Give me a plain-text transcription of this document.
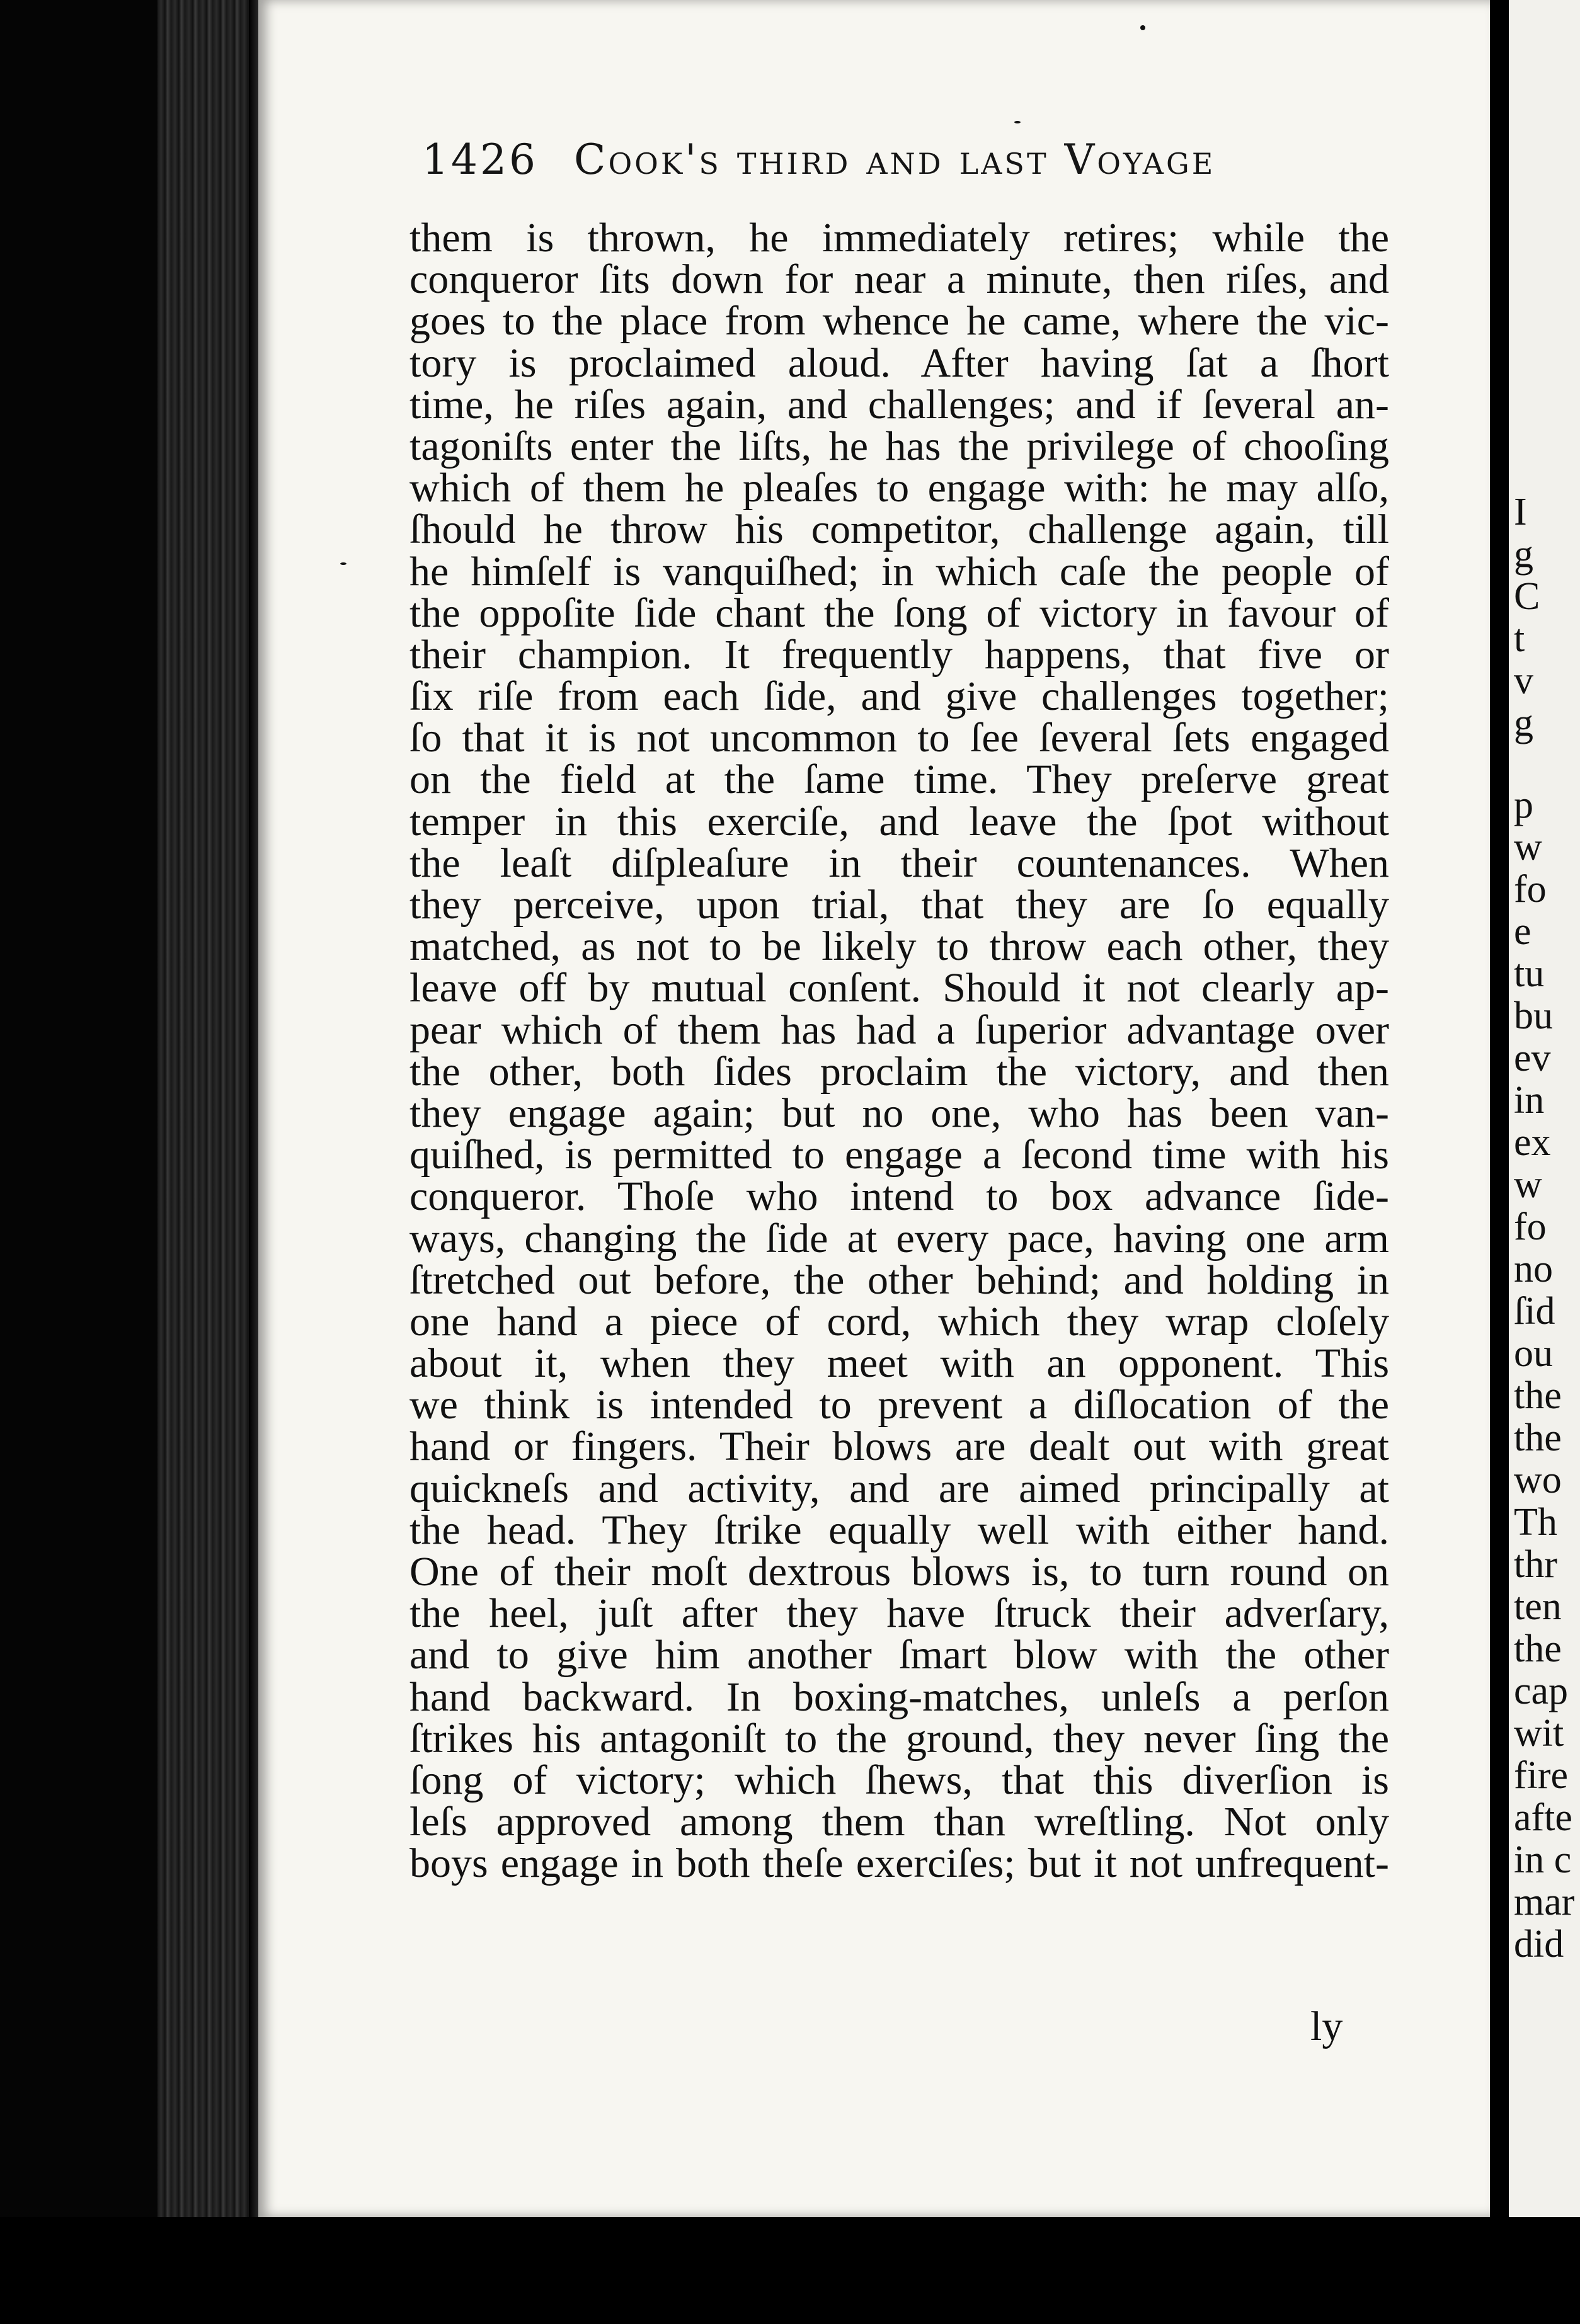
1426 Cook's third and last Voyage
them is thrown, he immediately retires; while the
conqueror ſits down for near a minute, then riſes, and
goes to the place from whence he came, where the vic-
tory is proclaimed aloud. After having ſat a ſhort
time, he riſes again, and challenges; and if ſeveral an-
tagoniſts enter the liſts, he has the privilege of chooſing
which of them he pleaſes to engage with: he may alſo,
ſhould he throw his competitor, challenge again, till
he himſelf is vanquiſhed; in which caſe the people of
the oppoſite ſide chant the ſong of victory in favour of
their champion. It frequently happens, that five or
ſix riſe from each ſide, and give challenges together;
ſo that it is not uncommon to ſee ſeveral ſets engaged
on the field at the ſame time. They preſerve great
temper in this exerciſe, and leave the ſpot without
the leaſt diſpleaſure in their countenances. When
they perceive, upon trial, that they are ſo equally
matched, as not to be likely to throw each other, they
leave off by mutual conſent. Should it not clearly ap-
pear which of them has had a ſuperior advantage over
the other, both ſides proclaim the victory, and then
they engage again; but no one, who has been van-
quiſhed, is permitted to engage a ſecond time with his
conqueror. Thoſe who intend to box advance ſide-
ways, changing the ſide at every pace, having one arm
ſtretched out before, the other behind; and holding in
one hand a piece of cord, which they wrap cloſely
about it, when they meet with an opponent. This
we think is intended to prevent a diſlocation of the
hand or fingers. Their blows are dealt out with great
quickneſs and activity, and are aimed principally at
the head. They ſtrike equally well with either hand.
One of their moſt dextrous blows is, to turn round on
the heel, juſt after they have ſtruck their adverſary,
and to give him another ſmart blow with the other
hand backward. In boxing-matches, unleſs a perſon
ſtrikes his antagoniſt to the ground, they never ſing the
ſong of victory; which ſhews, that this diverſion is
leſs approved among them than wreſtling. Not only
boys engage in both theſe exerciſes; but it not unfrequent-
ly
I
g
C
t
v
g
p
w
fo
e
tu
bu
ev
in
ex
w
fo
no
ſid
ou
the
the
wo
Th
thr
ten
the
cap
wit
fire
afte
in c
mar
did
